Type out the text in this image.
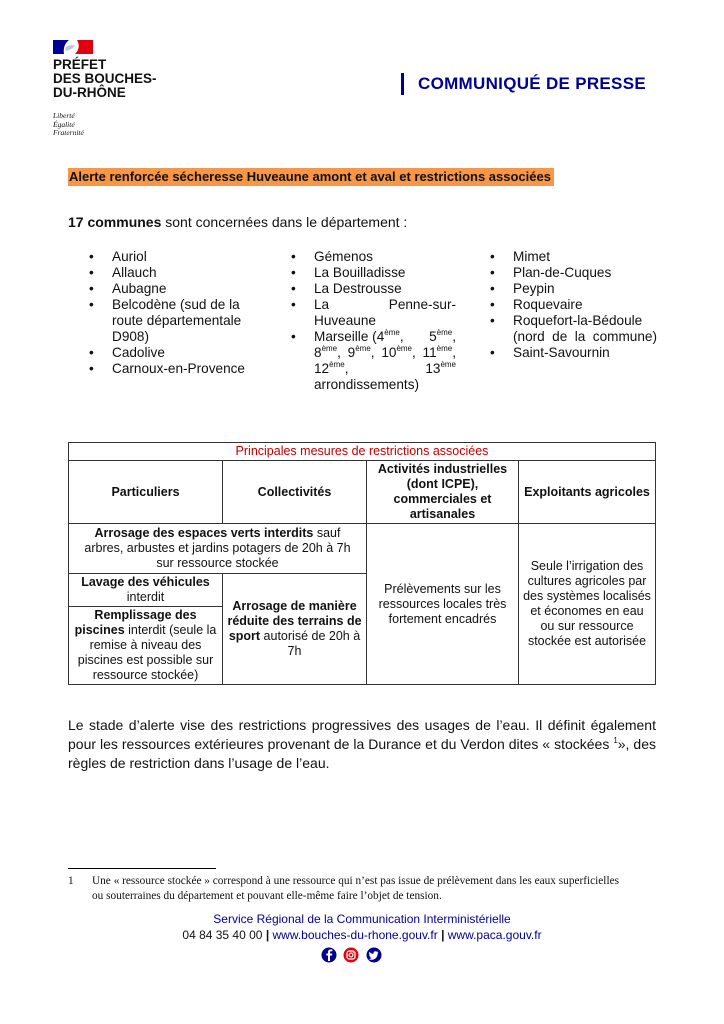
PRÉFET
DES BOUCHES-
DU-RHÔNE
Liberté
Égalité
Fraternité
COMMUNIQUÉ DE PRESSE
Alerte renforcée sécheresse Huveaune amont et aval et restrictions associées
17 communes sont concernées dans le département :
• Auriol
• Allauch
• Aubagne
• Belcodène (sud de la route départementale D908)
• Cadolive
• Carnoux-en-Provence
• Gémenos
• La Bouilladisse
• La Destrousse
• La	Penne-sur-
Huveaune
• Marseille (4ème, 5ème,
8ème, 9ème, 10ème, 11ème,
12ème,	13ème
arrondissements)
• Mimet
• Plan-de-Cuques
• Peypin
• Roquevaire
• Roquefort-la-Bédoule (nord de la commune)
• Saint-Savournin
Principales mesures de restrictions associées			
Particuliers	Collectivités	Activités industrielles (dont ICPE), commerciales et artisanales	Exploitants agricoles
Arrosage des espaces verts interdits sauf arbres, arbustes et jardins potagers de 20h à 7h sur ressource stockée		Prélèvements sur les ressources locales très fortement encadrés	Seule l’irrigation des cultures agricoles par des systèmes localisés et économes en eau ou sur ressource stockée est autorisée
Lavage des véhicules
interdit	Arrosage de manière réduite des terrains de sport autorisé de 20h à 7h		
Remplissage des piscines interdit (seule la remise à niveau des piscines est possible sur ressource stockée)			
Le stade d’alerte vise des restrictions progressives des usages de l’eau. Il définit également pour les ressources extérieures provenant de la Durance et du Verdon dites « stockées $^1$», des règles de restriction dans l’usage de l’eau.
1	Une « ressource stockée » correspond à une ressource qui n’est pas issue de prélèvement dans les eaux superficielles ou souterraines du département et pouvant elle-même faire l’objet de tension.
Service Régional de la Communication Interministérielle
04 84 35 40 00 | www.bouches-du-rhone.gouv.fr | www.paca.gouv.fr
